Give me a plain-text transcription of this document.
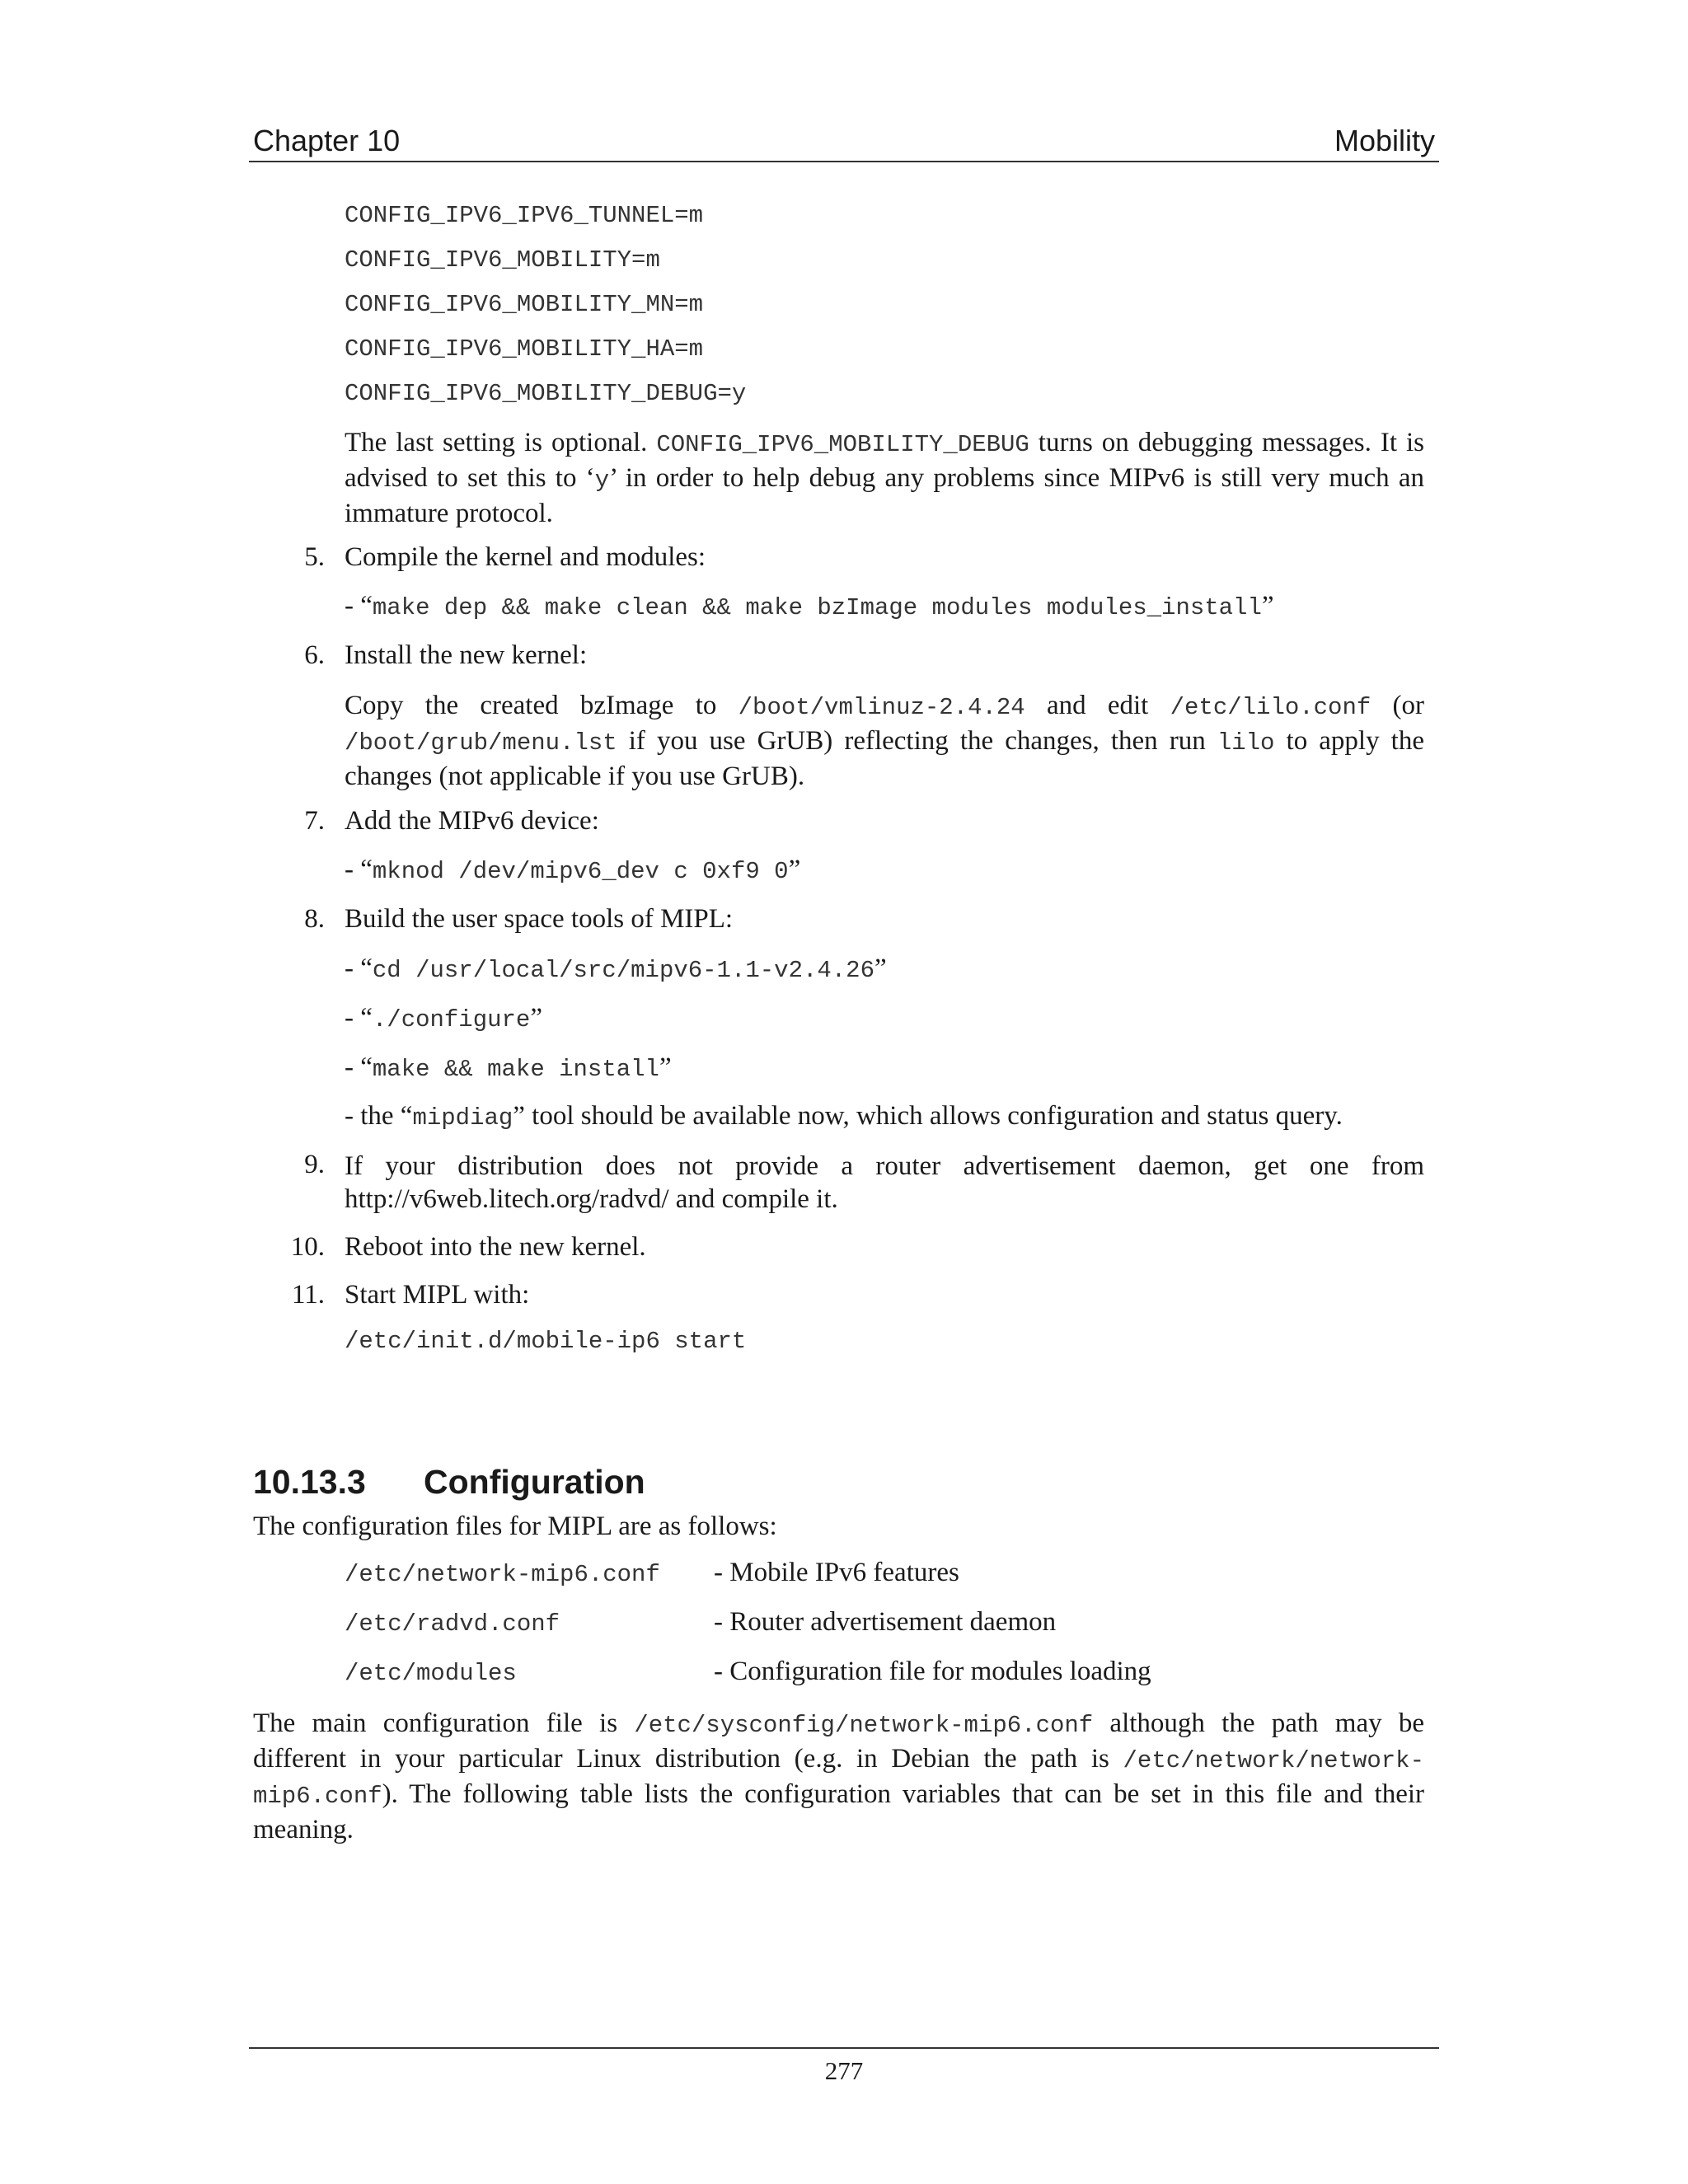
Chapter 10	Mobility
CONFIG_IPV6_IPV6_TUNNEL=m
CONFIG_IPV6_MOBILITY=m
CONFIG_IPV6_MOBILITY_MN=m
CONFIG_IPV6_MOBILITY_HA=m
CONFIG_IPV6_MOBILITY_DEBUG=y
The last setting is optional. CONFIG_IPV6_MOBILITY_DEBUG turns on debugging messages. It is advised to set this to ‘y’ in order to help debug any problems since MIPv6 is still very much an immature protocol.
5. Compile the kernel and modules:
- “make dep && make clean && make bzImage modules modules_install”
6. Install the new kernel:
Copy the created bzImage to /boot/vmlinuz-2.4.24 and edit /etc/lilo.conf (or /boot/grub/menu.lst if you use GrUB) reflecting the changes, then run lilo to apply the changes (not applicable if you use GrUB).
7. Add the MIPv6 device:
- “mknod /dev/mipv6_dev c 0xf9 0”
8. Build the user space tools of MIPL:
- “cd /usr/local/src/mipv6-1.1-v2.4.26”
- “./configure”
- “make && make install”
- the “mipdiag” tool should be available now, which allows configuration and status query.
9. If your distribution does not provide a router advertisement daemon, get one from http://v6web.litech.org/radvd/ and compile it.
10. Reboot into the new kernel.
11. Start MIPL with:
/etc/init.d/mobile-ip6 start
10.13.3 Configuration
The configuration files for MIPL are as follows:
/etc/network-mip6.conf - Mobile IPv6 features
/etc/radvd.conf	- Router advertisement daemon
/etc/modules	- Configuration file for modules loading
The main configuration file is /etc/sysconfig/network-mip6.conf although the path may be different in your particular Linux distribution (e.g. in Debian the path is /etc/network/network-mip6.conf). The following table lists the configuration variables that can be set in this file and their meaning.
277
